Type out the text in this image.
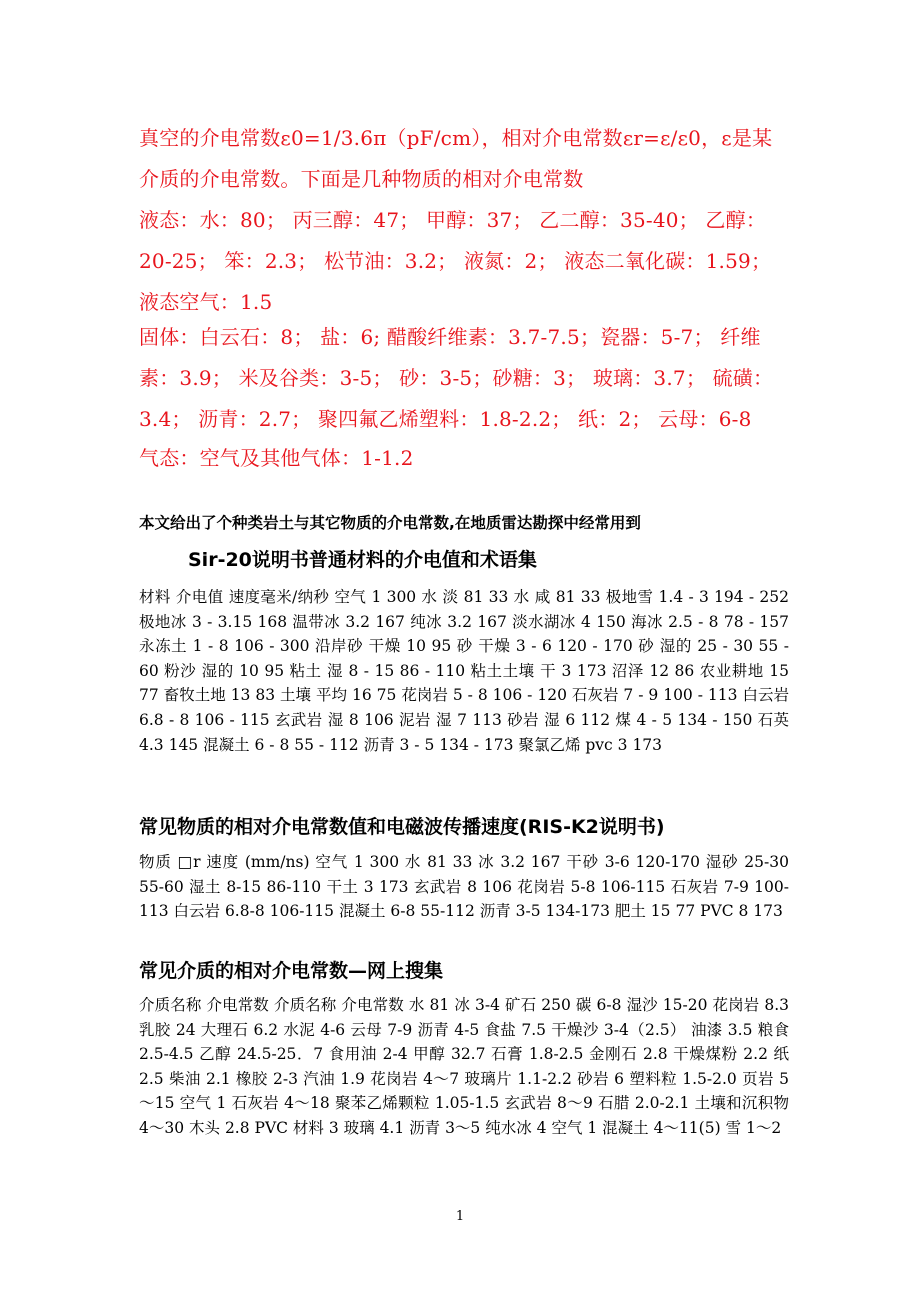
真空的介电常数ε0=1/3.6π（pF/cm），相对介电常数εr=ε/ε0，ε是某介质的介电常数。下面是几种物质的相对介电常数
液态：水：80； 丙三醇：47； 甲醇：37； 乙二醇：35-40； 乙醇：20-25； 笨：2.3； 松节油：3.2； 液氮：2； 液态二氧化碳：1.59；液态空气：1.5
固体：白云石：8； 盐：6; 醋酸纤维素：3.7-7.5；瓷器：5-7； 纤维素：3.9； 米及谷类：3-5； 砂：3-5；砂糖：3； 玻璃：3.7； 硫磺：3.4； 沥青：2.7； 聚四氟乙烯塑料：1.8-2.2； 纸：2； 云母：6-8
气态：空气及其他气体：1-1.2
本文给出了个种类岩土与其它物质的介电常数,在地质雷达勘探中经常用到
Sir-20说明书普通材料的介电值和术语集
材料 介电值 速度毫米/纳秒 空气 1 300 水 淡 81 33 水 咸 81 33 极地雪 1.4 - 3 194 - 252 极地冰 3 - 3.15 168 温带冰 3.2 167 纯冰 3.2 167 淡水湖冰 4 150 海冰 2.5 - 8 78 - 157 永冻土 1 - 8 106 - 300 沿岸砂 干燥 10 95 砂 干燥 3 - 6 120 - 170 砂 湿的 25 - 30 55 - 60 粉沙 湿的 10 95 粘土 湿 8 - 15 86 - 110 粘土土壤 干 3 173 沼泽 12 86 农业耕地 15 77 畜牧土地 13 83 土壤 平均 16 75 花岗岩 5 - 8 106 - 120 石灰岩 7 - 9 100 - 113 白云岩 6.8 - 8 106 - 115 玄武岩 湿 8 106 泥岩 湿 7 113 砂岩 湿 6 112 煤 4 - 5 134 - 150 石英 4.3 145 混凝土 6 - 8 55 - 112 沥青 3 - 5 134 - 173 聚氯乙烯 pvc 3 173
常见物质的相对介电常数值和电磁波传播速度(RIS-K2说明书)
物质 □r 速度 (mm/ns) 空气 1 300 水 81 33 冰 3.2 167 干砂 3-6 120-170 湿砂 25-30 55-60 湿土 8-15 86-110 干土 3 173 玄武岩 8 106 花岗岩 5-8 106-115 石灰岩 7-9 100-113 白云岩 6.8-8 106-115 混凝土 6-8 55-112 沥青 3-5 134-173 肥土 15 77 PVC 8 173
常见介质的相对介电常数—网上搜集
介质名称 介电常数 介质名称 介电常数 水 81 冰 3-4 矿石 250 碳 6-8 湿沙 15-20 花岗岩 8.3 乳胶 24 大理石 6.2 水泥 4-6 云母 7-9 沥青 4-5 食盐 7.5 干燥沙 3-4（2.5） 油漆 3.5 粮食 2.5-4.5 乙醇 24.5-25．7 食用油 2-4 甲醇 32.7 石膏 1.8-2.5 金刚石 2.8 干燥煤粉 2.2 纸 2.5 柴油 2.1 橡胶 2-3 汽油 1.9 花岗岩 4～7 玻璃片 1.1-2.2 砂岩 6 塑料粒 1.5-2.0 页岩 5～15 空气 1 石灰岩 4～18 聚苯乙烯颗粒 1.05-1.5 玄武岩 8～9 石腊 2.0-2.1 土壤和沉积物 4～30 木头 2.8 PVC 材料 3 玻璃 4.1 沥青 3～5 纯水冰 4 空气 1 混凝土 4～11(5) 雪 1～2
1
